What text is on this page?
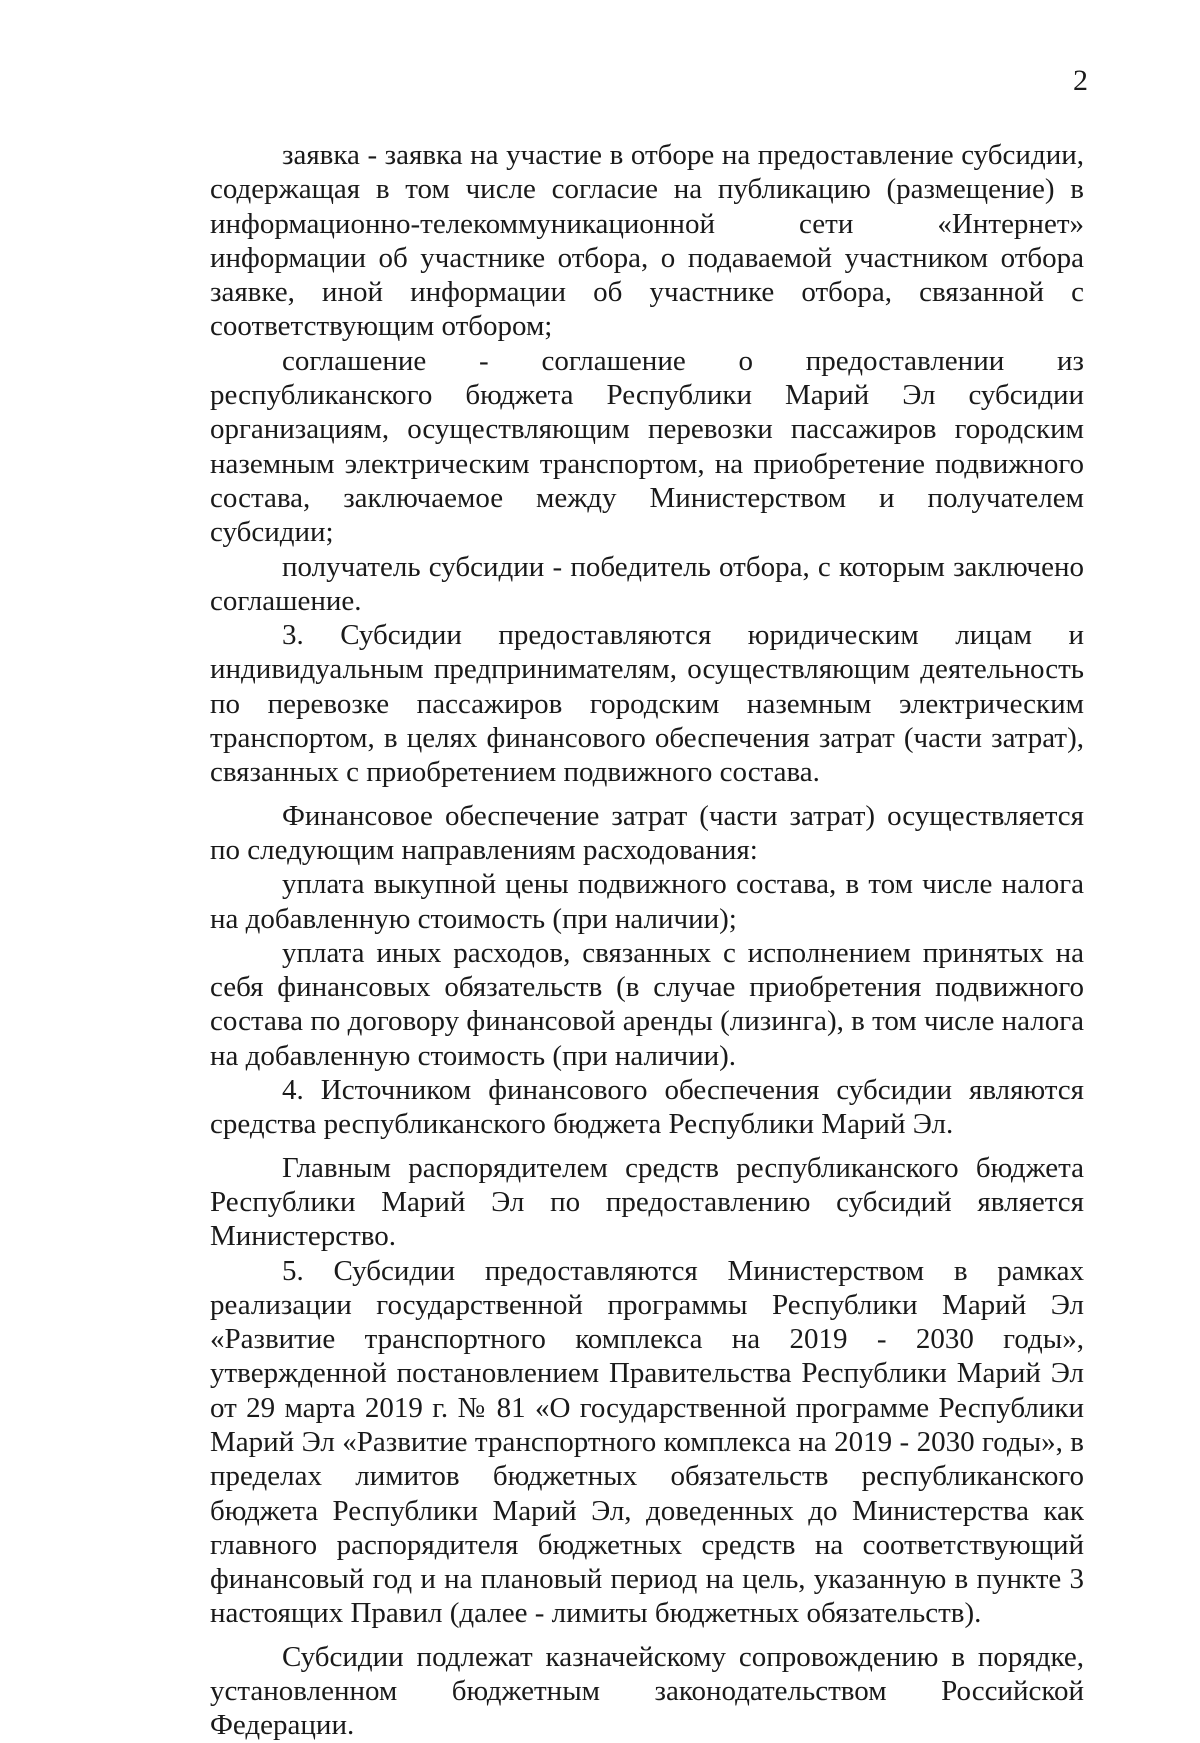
2

заявка - заявка на участие в отборе на предоставление субсидии, содержащая в том числе согласие на публикацию (размещение) в информационно-телекоммуникационной сети «Интернет» информации об участнике отбора, о подаваемой участником отбора заявке, иной информации об участнике отбора, связанной с соответствующим отбором;

соглашение - соглашение о предоставлении из республиканского бюджета Республики Марий Эл субсидии организациям, осуществляющим перевозки пассажиров городским наземным электрическим транспортом, на приобретение подвижного состава, заключаемое между Министерством и получателем субсидии;

получатель субсидии - победитель отбора, с которым заключено соглашение.

3. Субсидии предоставляются юридическим лицам и индивидуальным предпринимателям, осуществляющим деятельность по перевозке пассажиров городским наземным электрическим транспортом, в целях финансового обеспечения затрат (части затрат), связанных с приобретением подвижного состава.

Финансовое обеспечение затрат (части затрат) осуществляется по следующим направлениям расходования:

уплата выкупной цены подвижного состава, в том числе налога на добавленную стоимость (при наличии);

уплата иных расходов, связанных с исполнением принятых на себя финансовых обязательств (в случае приобретения подвижного состава по договору финансовой аренды (лизинга), в том числе налога на добавленную стоимость (при наличии).

4. Источником финансового обеспечения субсидии являются средства республиканского бюджета Республики Марий Эл.

Главным распорядителем средств республиканского бюджета Республики Марий Эл по предоставлению субсидий является Министерство.

5. Субсидии предоставляются Министерством в рамках реализации государственной программы Республики Марий Эл «Развитие транспортного комплекса на 2019 - 2030 годы», утвержденной постановлением Правительства Республики Марий Эл от 29 марта 2019 г. № 81 «О государственной программе Республики Марий Эл «Развитие транспортного комплекса на 2019 - 2030 годы», в пределах лимитов бюджетных обязательств республиканского бюджета Республики Марий Эл, доведенных до Министерства как главного распорядителя бюджетных средств на соответствующий финансовый год и на плановый период на цель, указанную в пункте 3 настоящих Правил (далее - лимиты бюджетных обязательств).

Субсидии подлежат казначейскому сопровождению в порядке, установленном бюджетным законодательством Российской Федерации.
